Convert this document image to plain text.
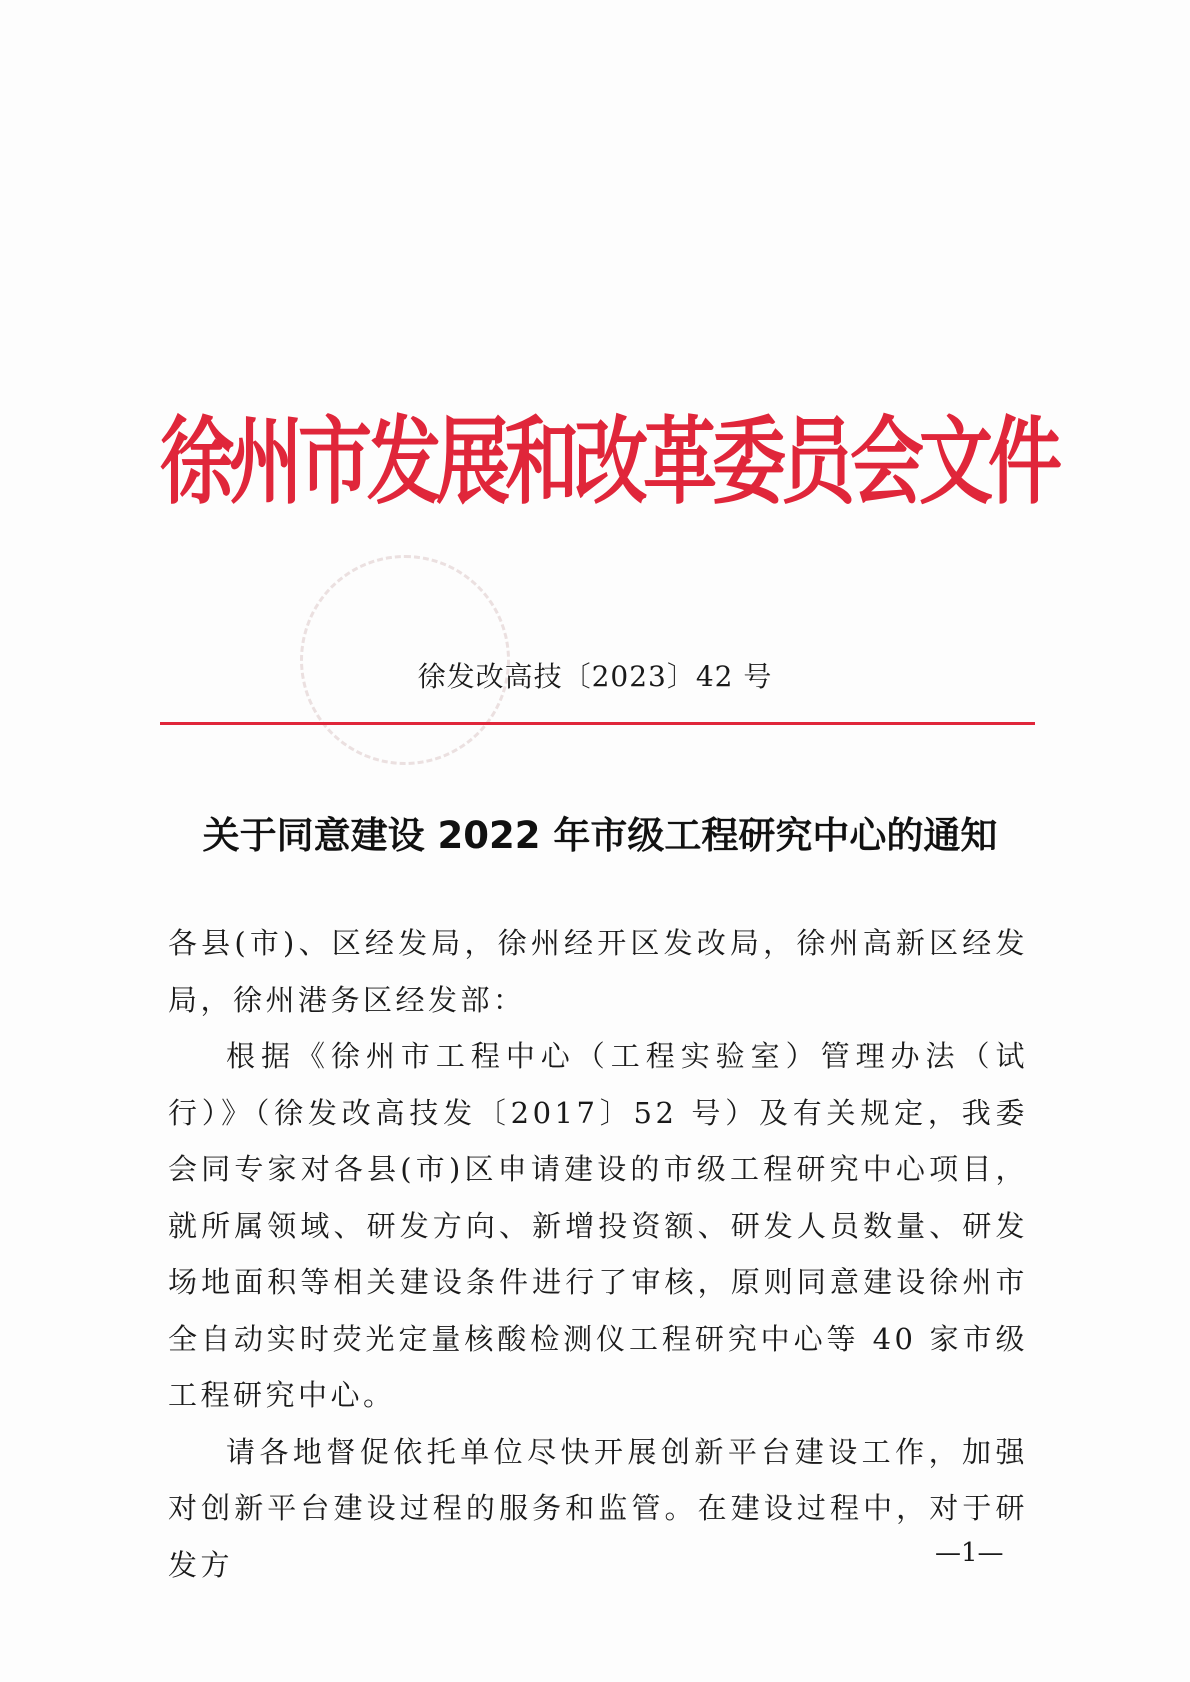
徐州市发展和改革委员会文件
徐发改高技〔2023〕42 号
关于同意建设 2022 年市级工程研究中心的通知

各县(市)、区经发局，徐州经开区发改局，徐州高新区经发局，徐州港务区经发部：

根据《徐州市工程中心（工程实验室）管理办法（试行）》（徐发改高技发〔2017〕52 号）及有关规定，我委会同专家对各县(市)区申请建设的市级工程研究中心项目，就所属领域、研发方向、新增投资额、研发人员数量、研发场地面积等相关建设条件进行了审核，原则同意建设徐州市全自动实时荧光定量核酸检测仪工程研究中心等 40 家市级工程研究中心。

请各地督促依托单位尽快开展创新平台建设工作，加强对创新平台建设过程的服务和监管。在建设过程中，对于研发方	—1—
